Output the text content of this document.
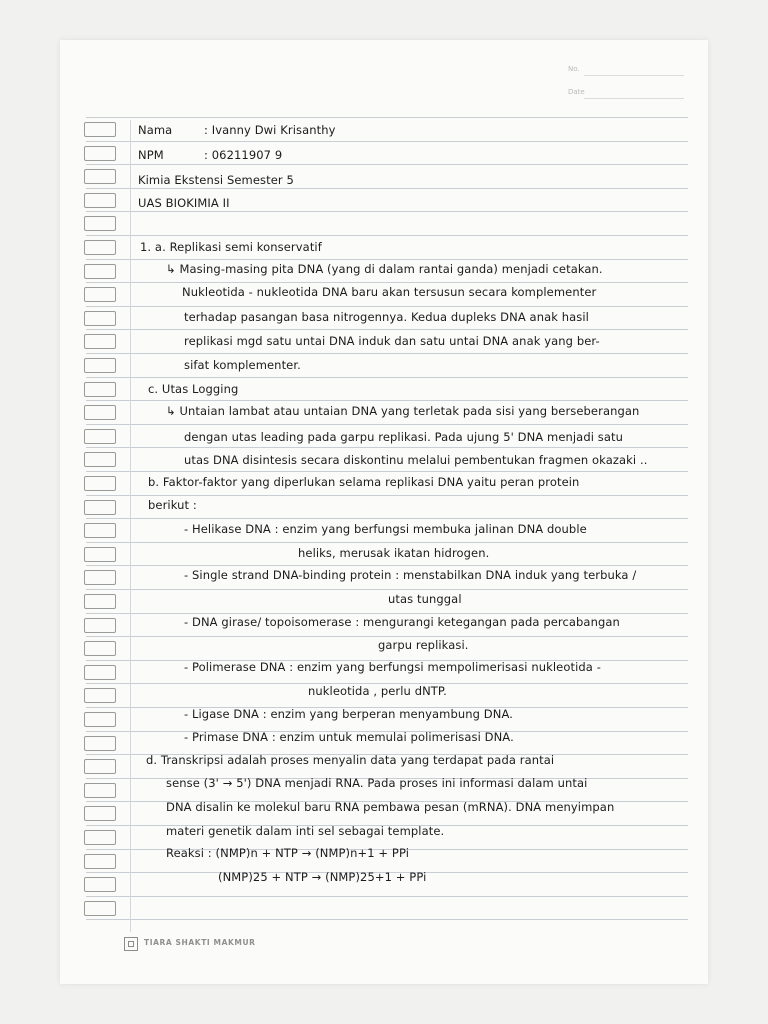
No.
Date
Nama	: Ivanny Dwi Krisanthy
NPM	: 06211907 9
Kimia Ekstensi Semester 5
UAS BIOKIMIA II
1. a. Replikasi semi konservatif
↳ Masing-masing pita DNA (yang di dalam rantai ganda) menjadi cetakan.
Nukleotida - nukleotida DNA baru akan tersusun secara komplementer
terhadap pasangan basa nitrogennya. Kedua dupleks DNA anak hasil
replikasi mgd satu untai DNA induk dan satu untai DNA anak yang ber-
sifat komplementer.
c. Utas Logging
↳ Untaian lambat atau untaian DNA yang terletak pada sisi yang berseberangan
dengan utas leading pada garpu replikasi. Pada ujung 5' DNA menjadi satu
utas DNA disintesis secara diskontinu melalui pembentukan fragmen okazaki ..
b. Faktor-faktor yang diperlukan selama replikasi DNA yaitu peran protein
berikut :
- Helikase DNA : enzim yang berfungsi membuka jalinan DNA double
heliks, merusak ikatan hidrogen.
- Single strand DNA-binding protein : menstabilkan DNA induk yang terbuka /
utas tunggal
- DNA girase/ topoisomerase : mengurangi ketegangan pada percabangan
garpu replikasi.
- Polimerase DNA : enzim yang berfungsi mempolimerisasi nukleotida -
nukleotida , perlu dNTP.
- Ligase DNA : enzim yang berperan menyambung DNA.
- Primase DNA : enzim untuk memulai polimerisasi DNA.
d. Transkripsi adalah proses menyalin data yang terdapat pada rantai
sense (3' → 5') DNA menjadi RNA. Pada proses ini informasi dalam untai
DNA disalin ke molekul baru RNA pembawa pesan (mRNA). DNA menyimpan
materi genetik dalam inti sel sebagai template.
Reaksi : (NMP)n + NTP → (NMP)n+1 + PPi
(NMP)25 + NTP → (NMP)25+1 + PPi
TIARA SHAKTI MAKMUR
